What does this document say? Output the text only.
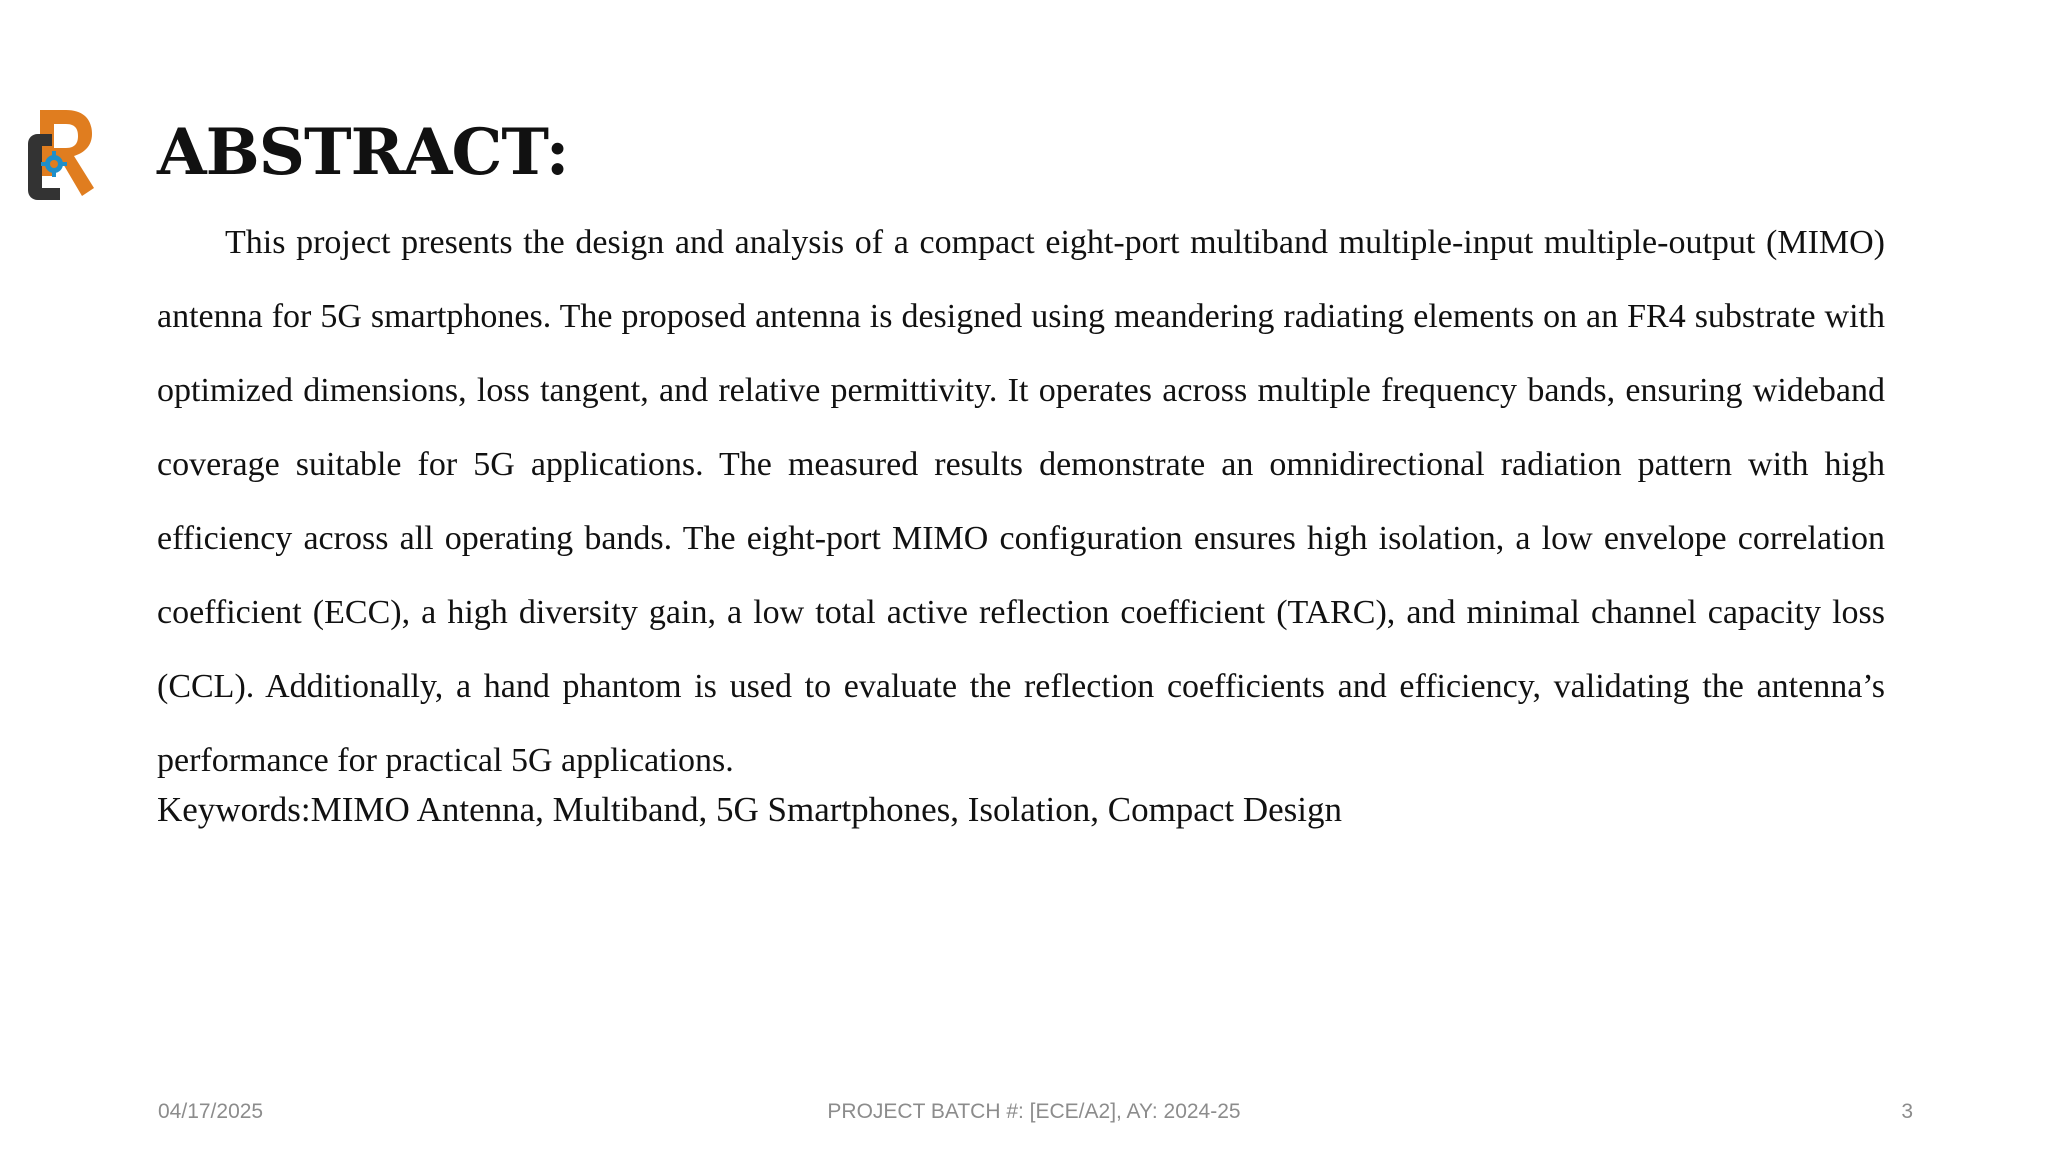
ABSTRACT:

This project presents the design and analysis of a compact eight-port multiband multiple-input multiple-output (MIMO) antenna for 5G smartphones. The proposed antenna is designed using meandering radiating elements on an FR4 substrate with optimized dimensions, loss tangent, and relative permittivity. It operates across multiple frequency bands, ensuring wideband coverage suitable for 5G applications. The measured results demonstrate an omnidirectional radiation pattern with high efficiency across all operating bands. The eight-port MIMO configuration ensures high isolation, a low envelope correlation coefficient (ECC), a high diversity gain, a low total active reflection coefficient (TARC), and minimal channel capacity loss (CCL). Additionally, a hand phantom is used to evaluate the reflection coefficients and efficiency, validating the antenna’s performance for practical 5G applications.

Keywords:MIMO Antenna, Multiband, 5G Smartphones, Isolation, Compact Design

04/17/2025	PROJECT BATCH #: [ECE/A2], AY: 2024-25	3
